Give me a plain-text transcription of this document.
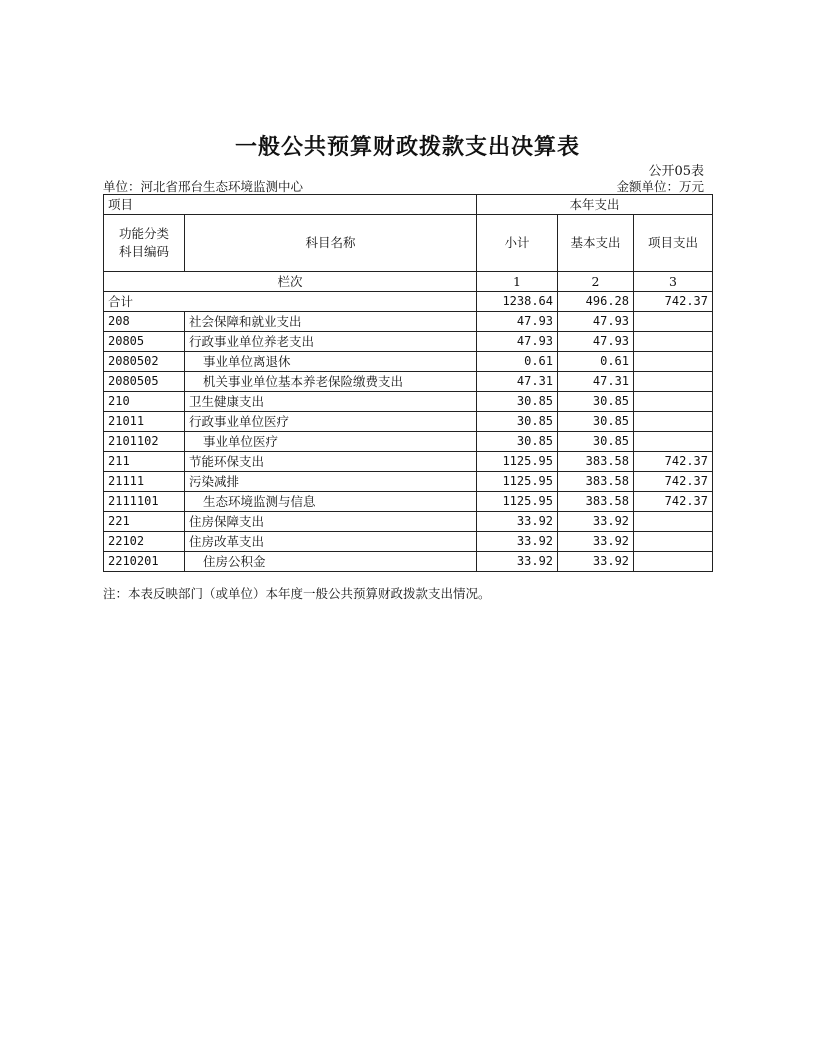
一般公共预算财政拨款支出决算表
公开05表
单位：河北省邢台生态环境监测中心	金额单位：万元
项目		本年支出		
功能分类科目编码	科目名称	小计	基本支出	项目支出
栏次		1	2	3
合计		1238.64	496.28	742.37
208	社会保障和就业支出	47.93	47.93	
20805	行政事业单位养老支出	47.93	47.93	
2080502	事业单位离退休	0.61	0.61	
2080505	机关事业单位基本养老保险缴费支出	47.31	47.31	
210	卫生健康支出	30.85	30.85	
21011	行政事业单位医疗	30.85	30.85	
2101102	事业单位医疗	30.85	30.85	
211	节能环保支出	1125.95	383.58	742.37
21111	污染减排	1125.95	383.58	742.37
2111101	生态环境监测与信息	1125.95	383.58	742.37
221	住房保障支出	33.92	33.92	
22102	住房改革支出	33.92	33.92	
2210201	住房公积金	33.92	33.92	
注：本表反映部门（或单位）本年度一般公共预算财政拨款支出情况。
